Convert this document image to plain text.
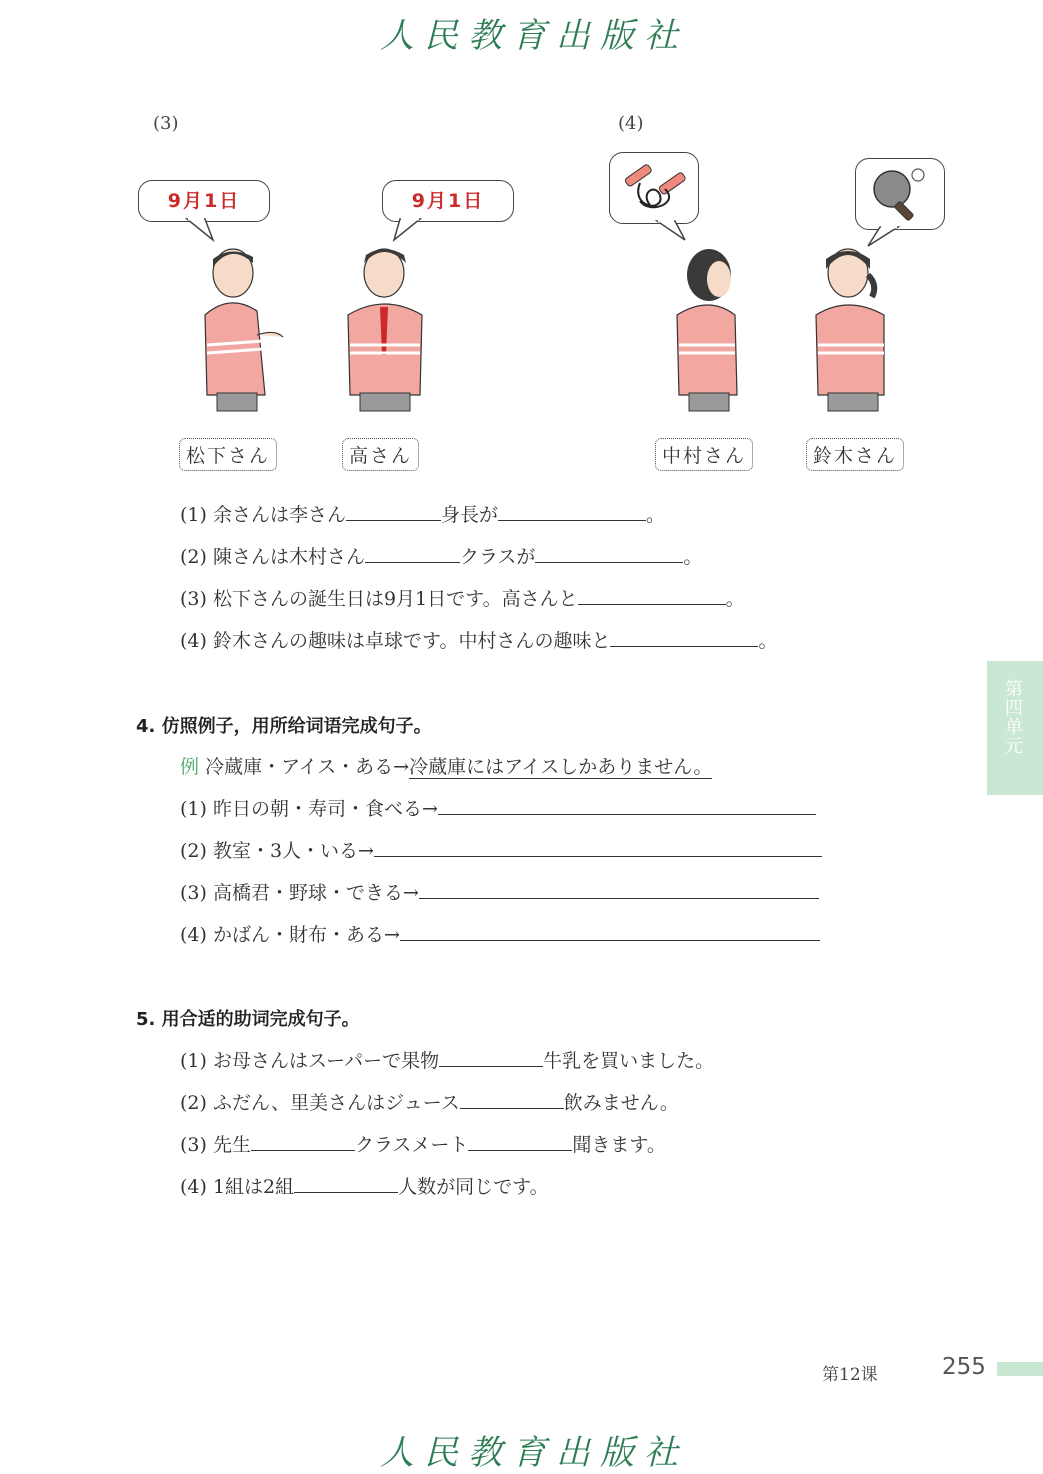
人民教育出版社
人民教育出版社
(3)	(4)
9月1日	9月1日
松下さん	高さん	中村さん	鈴木さん
(1) 余さんは李さん	身長が	。
(2) 陳さんは木村さん	クラスが	。
(3) 松下さんの誕生日は9月1日です。高さんと	。
(4) 鈴木さんの趣味は卓球です。中村さんの趣味と	。
4. 仿照例子，用所给词语完成句子。
例 冷蔵庫・アイス・ある→冷蔵庫にはアイスしかありません。
(1) 昨日の朝・寿司・食べる→
(2) 教室・3人・いる→
(3) 高橋君・野球・できる→
(4) かばん・財布・ある→
5. 用合适的助词完成句子。
(1) お母さんはスーパーで果物	牛乳を買いました。
(2) ふだん、里美さんはジュース	飲みません。
(3) 先生	クラスメート	聞きます。
(4) 1組は2組	人数が同じです。
第四单元
第12课	255
